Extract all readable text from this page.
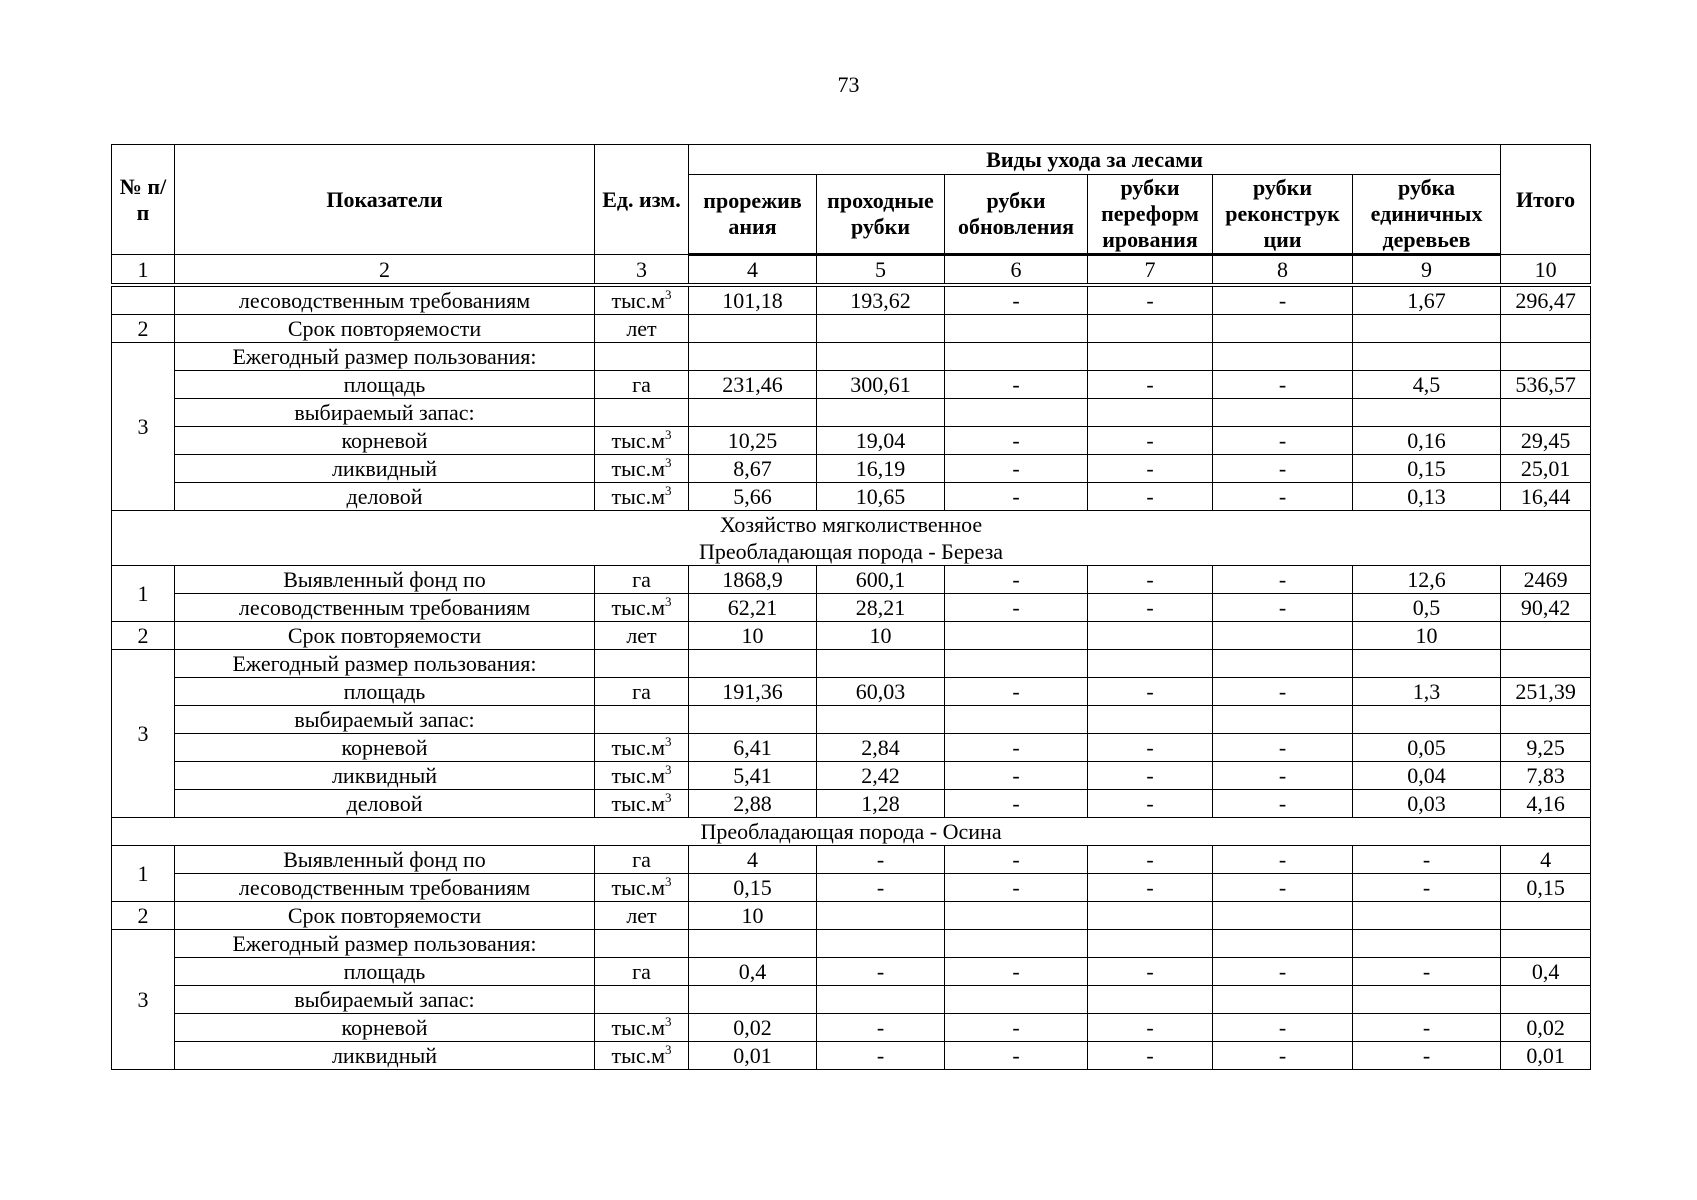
73
№ п/п	Показатели	Ед. изм.	Виды ухода за лесами						Итого
			прорежив ания	проходные рубки	рубки обновления	рубки переформ ирования	рубки реконструк ции	рубка единичных деревьев	
1	2	3	4	5	6	7	8	9	10
	лесоводственным требованиям	$тыс.м^3$	101,18	193,62	-	-	-	1,67	296,47
2	Срок повторяемости	лет							
3	Ежегодный размер пользования:								
	площадь	га	231,46	300,61	-	-	-	4,5	536,57
	выбираемый запас:								
	корневой	$тыс.м^3$	10,25	19,04	-	-	-	0,16	29,45
	ликвидный	$тыс.м^3$	8,67	16,19	-	-	-	0,15	25,01
	деловой	$тыс.м^3$	5,66	10,65	-	-	-	0,13	16,44

Хозяйство мягколиственное
Преобладающая порода - Береза									

1	Выявленный фонд по	га	1868,9	600,1	-	-	-	12,6	2469
	лесоводственным требованиям	$тыс.м^3$	62,21	28,21	-	-	-	0,5	90,42
2	Срок повторяемости	лет	10	10				10	
3	Ежегодный размер пользования:								
	площадь	га	191,36	60,03	-	-	-	1,3	251,39
	выбираемый запас:								
	корневой	$тыс.м^3$	6,41	2,84	-	-	-	0,05	9,25
	ликвидный	$тыс.м^3$	5,41	2,42	-	-	-	0,04	7,83
	деловой	$тыс.м^3$	2,88	1,28	-	-	-	0,03	4,16
Преобладающая порода - Осина									
1	Выявленный фонд по	га	4	-	-	-	-	-	4
	лесоводственным требованиям	$тыс.м^3$	0,15	-	-	-	-	-	0,15
2	Срок повторяемости	лет	10						
3	Ежегодный размер пользования:								
	площадь	га	0,4	-	-	-	-	-	0,4
	выбираемый запас:								
	корневой	$тыс.м^3$	0,02	-	-	-	-	-	0,02
	ликвидный	$тыс.м^3$	0,01	-	-	-	-	-	0,01
